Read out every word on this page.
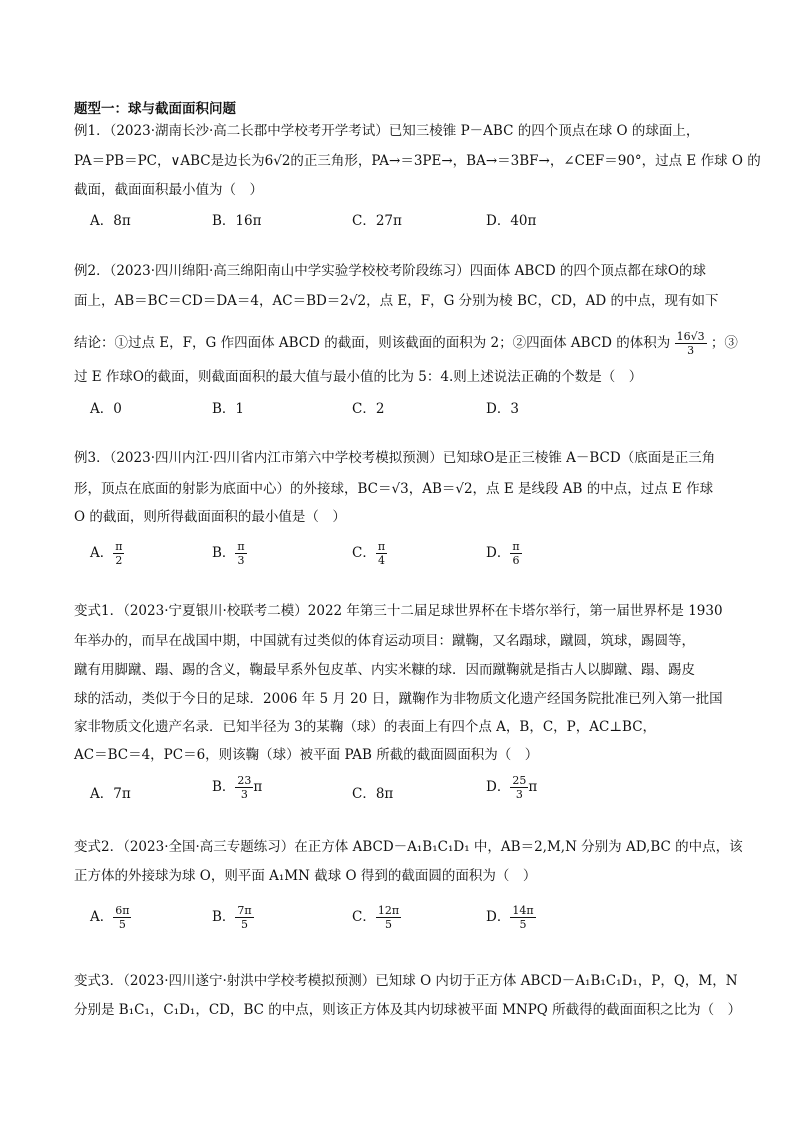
题型一：球与截面面积问题
例1．（2023·湖南长沙·高二长郡中学校考开学考试）已知三棱锥 P－ABC 的四个顶点在球 O 的球面上，
PA＝PB＝PC，∨ABC是边长为6√2的正三角形，PA→＝3PE→，BA→＝3BF→，∠CEF＝90°，过点 E 作球 O 的
截面，截面面积最小值为（　）
A．8π	B．16π	C．27π	D．40π
例2．（2023·四川绵阳·高三绵阳南山中学实验学校校考阶段练习）四面体 ABCD 的四个顶点都在球O的球
面上，AB＝BC＝CD＝DA＝4，AC＝BD＝2√2，点 E，F，G 分别为棱 BC，CD，AD 的中点，现有如下
结论：①过点 E，F，G 作四面体 ABCD 的截面，则该截面的面积为 2；②四面体 ABCD 的体积为 $\frac{16√3}{3}$ ；③
过 E 作球O的截面，则截面面积的最大值与最小值的比为 5：4.则上述说法正确的个数是（　）
A．0	B．1	C．2	D．3
例3．（2023·四川内江·四川省内江市第六中学校考模拟预测）已知球O是正三棱锥 A－BCD（底面是正三角
形，顶点在底面的射影为底面中心）的外接球，BC＝√3，AB＝√2，点 E 是线段 AB 的中点，过点 E 作球
O 的截面，则所得截面面积的最小值是（　）
A． $\frac{\pi}{2}$	B． $\frac{\pi}{3}$	C． $\frac{\pi}{4}$	D． $\frac{\pi}{6}$
变式1．（2023·宁夏银川·校联考二模）2022 年第三十二届足球世界杯在卡塔尔举行，第一届世界杯是 1930
年举办的，而早在战国中期，中国就有过类似的体育运动项目：蹴鞠，又名蹋球，蹴圆，筑球，踢圆等，
蹴有用脚蹴、蹋、踢的含义，鞠最早系外包皮革、内实米糠的球．因而蹴鞠就是指古人以脚蹴、蹋、踢皮
球的活动，类似于今日的足球．2006 年 5 月 20 日，蹴鞠作为非物质文化遗产经国务院批准已列入第一批国
家非物质文化遗产名录．已知半径为 3的某鞠（球）的表面上有四个点 A，B，C，P，AC⊥BC，
AC＝BC＝4，PC＝6，则该鞠（球）被平面 PAB 所截的截面圆面积为（　）
A．7π	B． $\frac{23}{3}$ π	C．8π	D． $\frac{25}{3}$ π
变式2．（2023·全国·高三专题练习）在正方体 ABCD－A₁B₁C₁D₁ 中，AB＝2,M,N 分别为 AD,BC 的中点，该
正方体的外接球为球 O，则平面 A₁MN 截球 O 得到的截面圆的面积为（　）
A． $\frac{6\pi}{5}$	B． $\frac{7\pi}{5}$	C． $\frac{12\pi}{5}$	D． $\frac{14\pi}{5}$
变式3．（2023·四川遂宁·射洪中学校考模拟预测）已知球 O 内切于正方体 ABCD－A₁B₁C₁D₁，P，Q，M，N
分别是 B₁C₁，C₁D₁，CD，BC 的中点，则该正方体及其内切球被平面 MNPQ 所截得的截面面积之比为（　）
